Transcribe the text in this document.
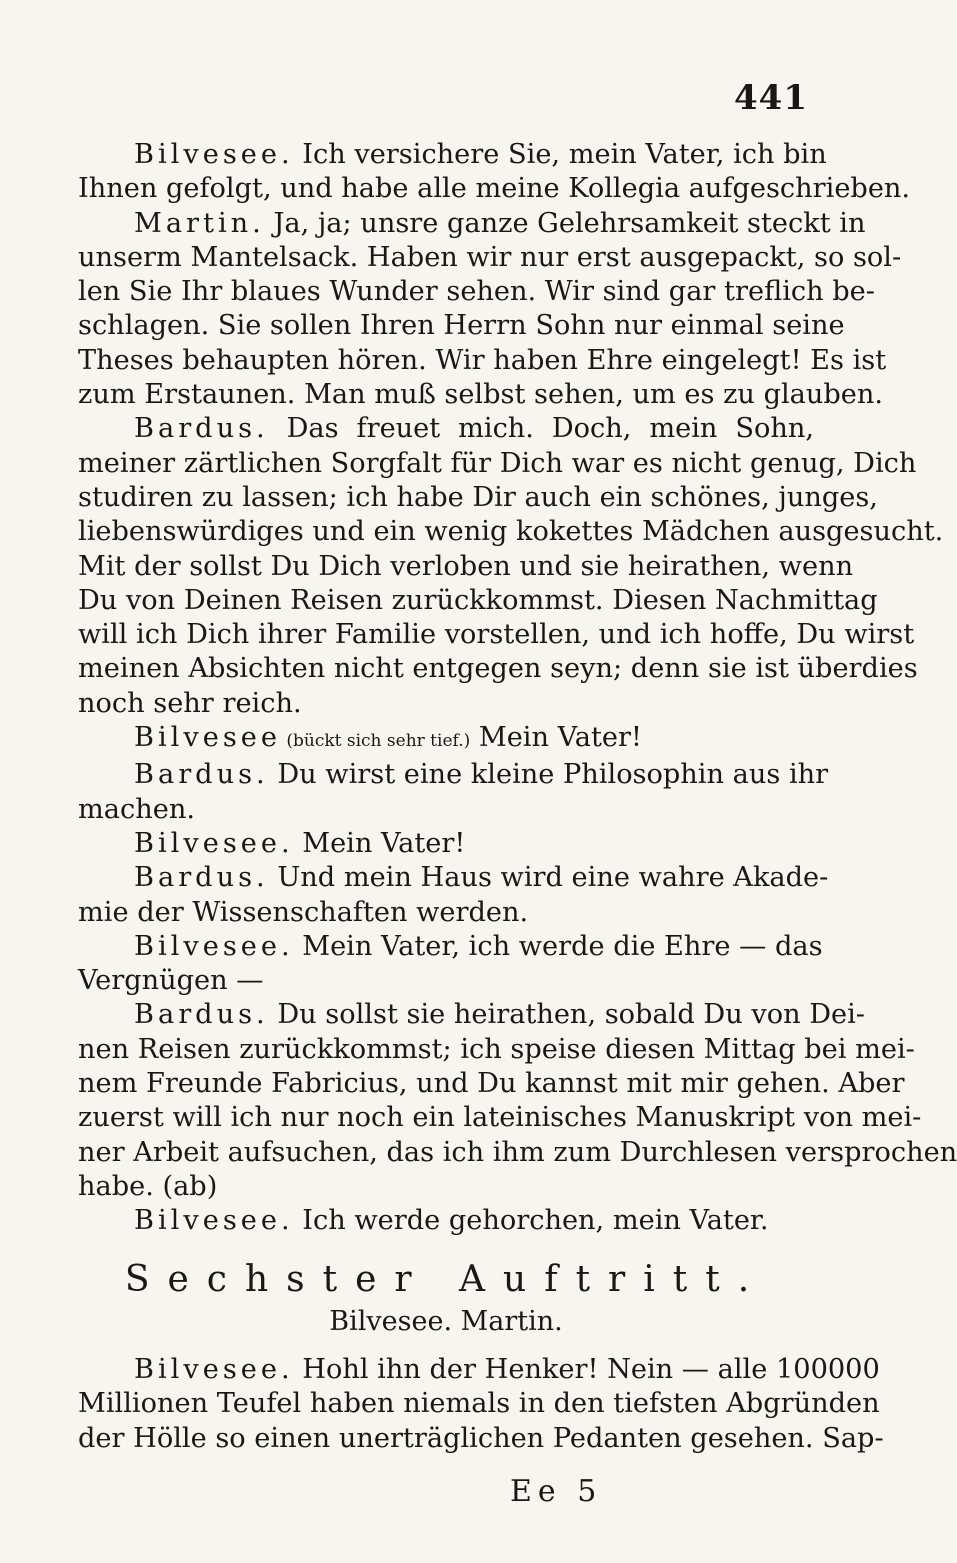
441
Bilvesee. Ich versichere Sie, mein Vater, ich bin
Ihnen gefolgt, und habe alle meine Kollegia aufgeschrieben.
Martin. Ja, ja; unsre ganze Gelehrsamkeit steckt in
unserm Mantelsack. Haben wir nur erst ausgepackt, so sol-
len Sie Ihr blaues Wunder sehen. Wir sind gar treflich be-
schlagen. Sie sollen Ihren Herrn Sohn nur einmal seine
Theses behaupten hören. Wir haben Ehre eingelegt! Es ist
zum Erstaunen. Man muß selbst sehen, um es zu glauben.
Bardus. Das freuet mich. Doch, mein Sohn,
meiner zärtlichen Sorgfalt für Dich war es nicht genug, Dich
studiren zu lassen; ich habe Dir auch ein schönes, junges,
liebenswürdiges und ein wenig kokettes Mädchen ausgesucht.
Mit der sollst Du Dich verloben und sie heirathen, wenn
Du von Deinen Reisen zurückkommst. Diesen Nachmittag
will ich Dich ihrer Familie vorstellen, und ich hoffe, Du wirst
meinen Absichten nicht entgegen seyn; denn sie ist überdies
noch sehr reich.
Bilvesee (bückt sich sehr tief.) Mein Vater!
Bardus. Du wirst eine kleine Philosophin aus ihr
machen.
Bilvesee. Mein Vater!
Bardus. Und mein Haus wird eine wahre Akade-
mie der Wissenschaften werden.
Bilvesee. Mein Vater, ich werde die Ehre — das
Vergnügen —
Bardus. Du sollst sie heirathen, sobald Du von Dei-
nen Reisen zurückkommst; ich speise diesen Mittag bei mei-
nem Freunde Fabricius, und Du kannst mit mir gehen. Aber
zuerst will ich nur noch ein lateinisches Manuskript von mei-
ner Arbeit aufsuchen, das ich ihm zum Durchlesen versprochen
habe. (ab)
Bilvesee. Ich werde gehorchen, mein Vater.
Sechster Auftritt.
Bilvesee. Martin.
Bilvesee. Hohl ihn der Henker! Nein — alle 100000
Millionen Teufel haben niemals in den tiefsten Abgründen
der Hölle so einen unerträglichen Pedanten gesehen. Sap-
Ee 5
